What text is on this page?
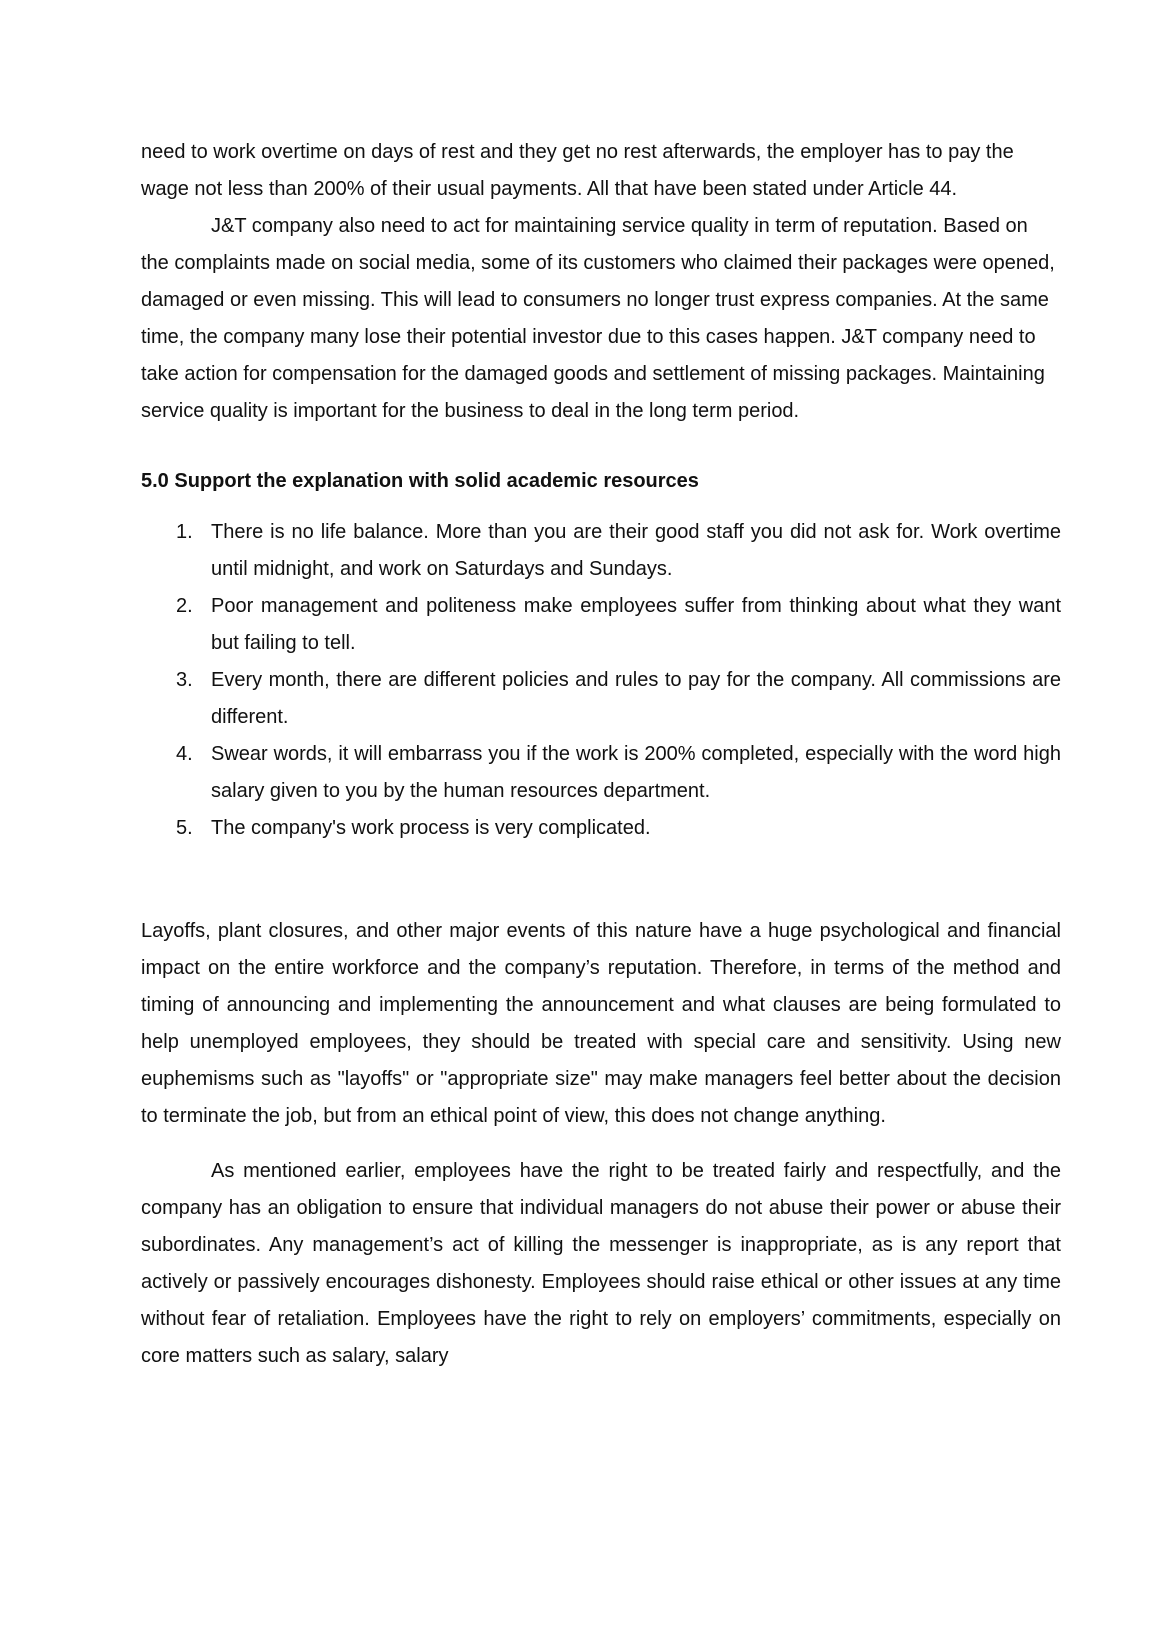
need to work overtime on days of rest and they get no rest afterwards, the employer has to pay the wage not less than 200% of their usual payments. All that have been stated under Article 44.

J&T company also need to act for maintaining service quality in term of reputation. Based on the complaints made on social media, some of its customers who claimed their packages were opened, damaged or even missing. This will lead to consumers no longer trust express companies. At the same time, the company many lose their potential investor due to this cases happen. J&T company need to take action for compensation for the damaged goods and settlement of missing packages. Maintaining service quality is important for the business to deal in the long term period.

5.0 Support the explanation with solid academic resources

1. There is no life balance. More than you are their good staff you did not ask for. Work overtime until midnight, and work on Saturdays and Sundays.
2. Poor management and politeness make employees suffer from thinking about what they want but failing to tell.
3. Every month, there are different policies and rules to pay for the company. All commissions are different.
4. Swear words, it will embarrass you if the work is 200% completed, especially with the word high salary given to you by the human resources department.
5. The company's work process is very complicated.

Layoffs, plant closures, and other major events of this nature have a huge psychological and financial impact on the entire workforce and the company’s reputation. Therefore, in terms of the method and timing of announcing and implementing the announcement and what clauses are being formulated to help unemployed employees, they should be treated with special care and sensitivity. Using new euphemisms such as "layoffs" or "appropriate size" may make managers feel better about the decision to terminate the job, but from an ethical point of view, this does not change anything.

As mentioned earlier, employees have the right to be treated fairly and respectfully, and the company has an obligation to ensure that individual managers do not abuse their power or abuse their subordinates. Any management’s act of killing the messenger is inappropriate, as is any report that actively or passively encourages dishonesty. Employees should raise ethical or other issues at any time without fear of retaliation. Employees have the right to rely on employers’ commitments, especially on core matters such as salary, salary
